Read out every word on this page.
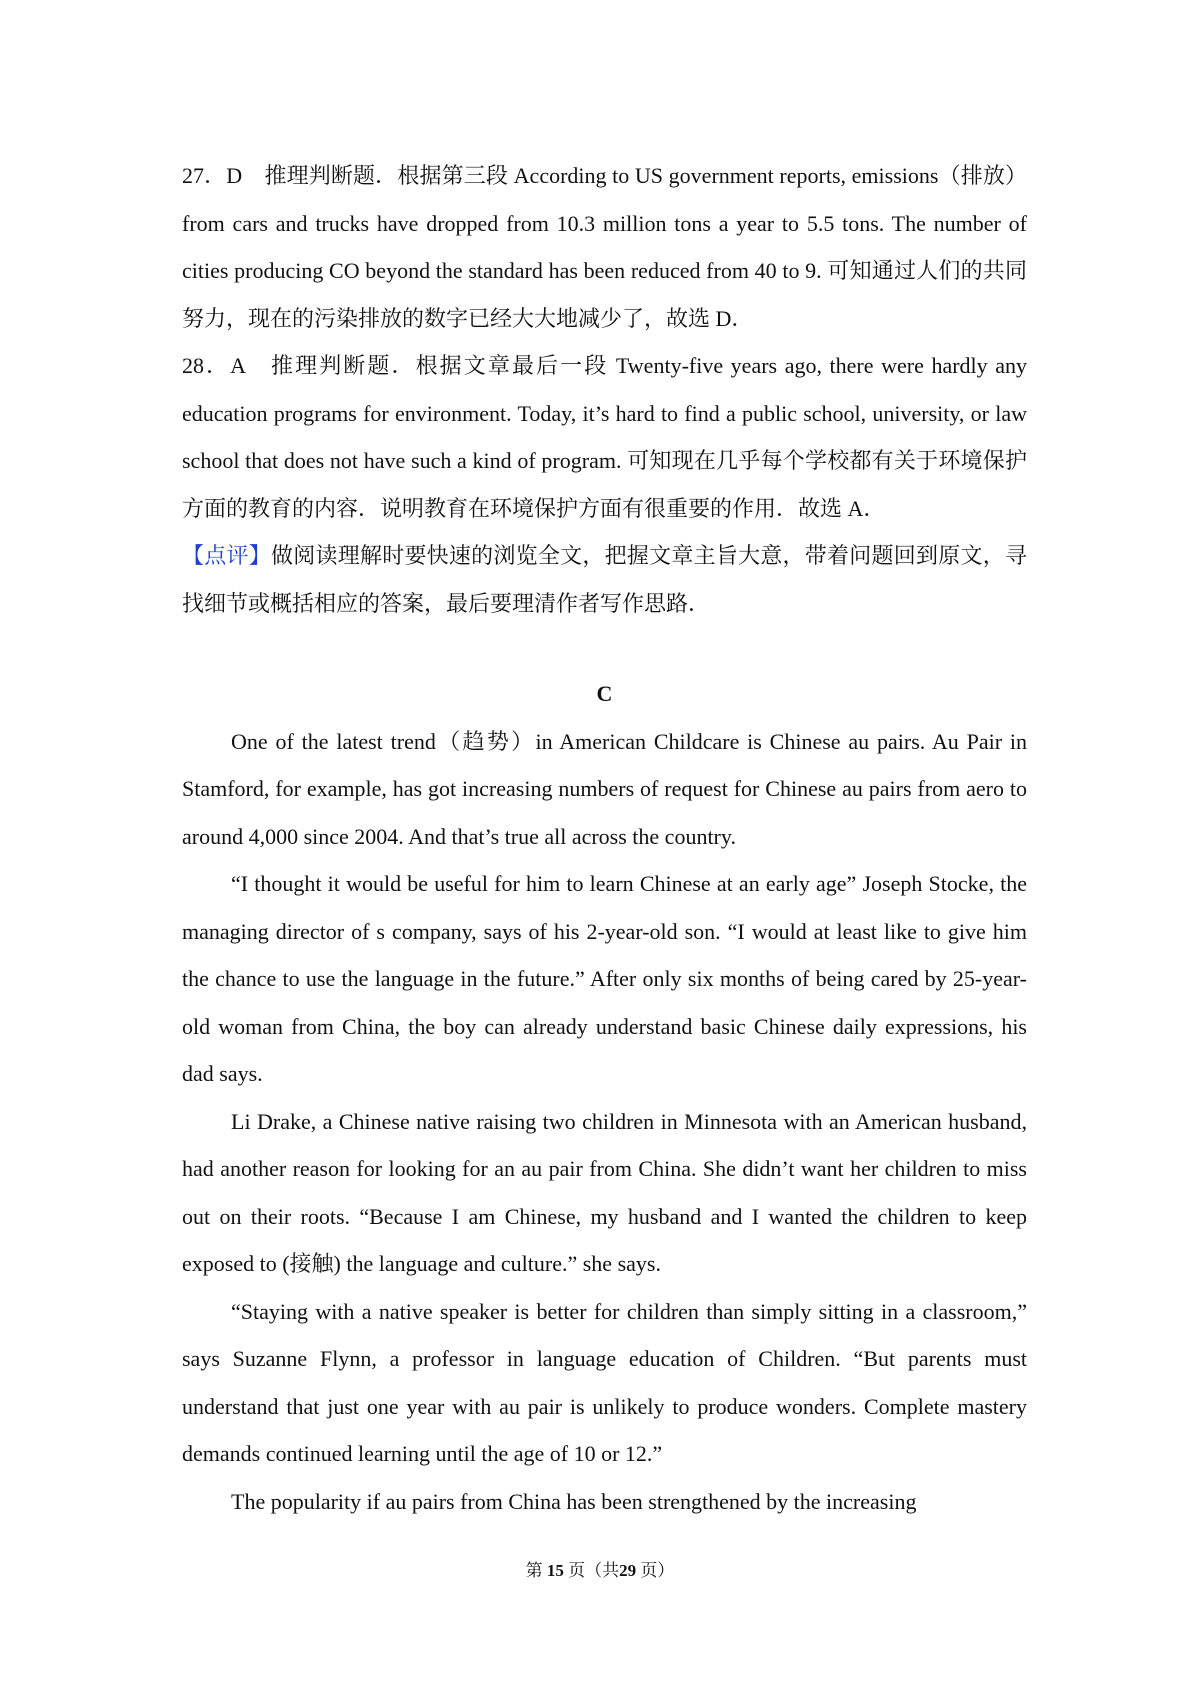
27．D　推理判断题．根据第三段 According to US government reports, emissions（排放）from cars and trucks have dropped from 10.3 million tons a year to 5.5 tons. The number of cities producing CO beyond the standard has been reduced from 40 to 9. 可知通过人们的共同努力，现在的污染排放的数字已经大大地减少了，故选 D．

28．A　推理判断题．根据文章最后一段 Twenty-five years ago, there were hardly any education programs for environment. Today, it’s hard to find a public school, university, or law school that does not have such a kind of program. 可知现在几乎每个学校都有关于环境保护方面的教育的内容．说明教育在环境保护方面有很重要的作用．故选 A．

【点评】做阅读理解时要快速的浏览全文，把握文章主旨大意，带着问题回到原文，寻找细节或概括相应的答案，最后要理清作者写作思路．

C

One of the latest trend（趋势）in American Childcare is Chinese au pairs. Au Pair in Stamford, for example, has got increasing numbers of request for Chinese au pairs from aero to around 4,000 since 2004. And that’s true all across the country.

“I thought it would be useful for him to learn Chinese at an early age” Joseph Stocke, the managing director of s company, says of his 2-year-old son. “I would at least like to give him the chance to use the language in the future.” After only six months of being cared by 25-year-old woman from China, the boy can already understand basic Chinese daily expressions, his dad says.

Li Drake, a Chinese native raising two children in Minnesota with an American husband, had another reason for looking for an au pair from China. She didn’t want her children to miss out on their roots. “Because I am Chinese, my husband and I wanted the children to keep exposed to (接触) the language and culture.” she says.

“Staying with a native speaker is better for children than simply sitting in a classroom,” says Suzanne Flynn, a professor in language education of Children. “But parents must understand that just one year with au pair is unlikely to produce wonders. Complete mastery demands continued learning until the age of 10 or 12.”

The popularity if au pairs from China has been strengthened by the increasing

第 15 页（共29 页）
